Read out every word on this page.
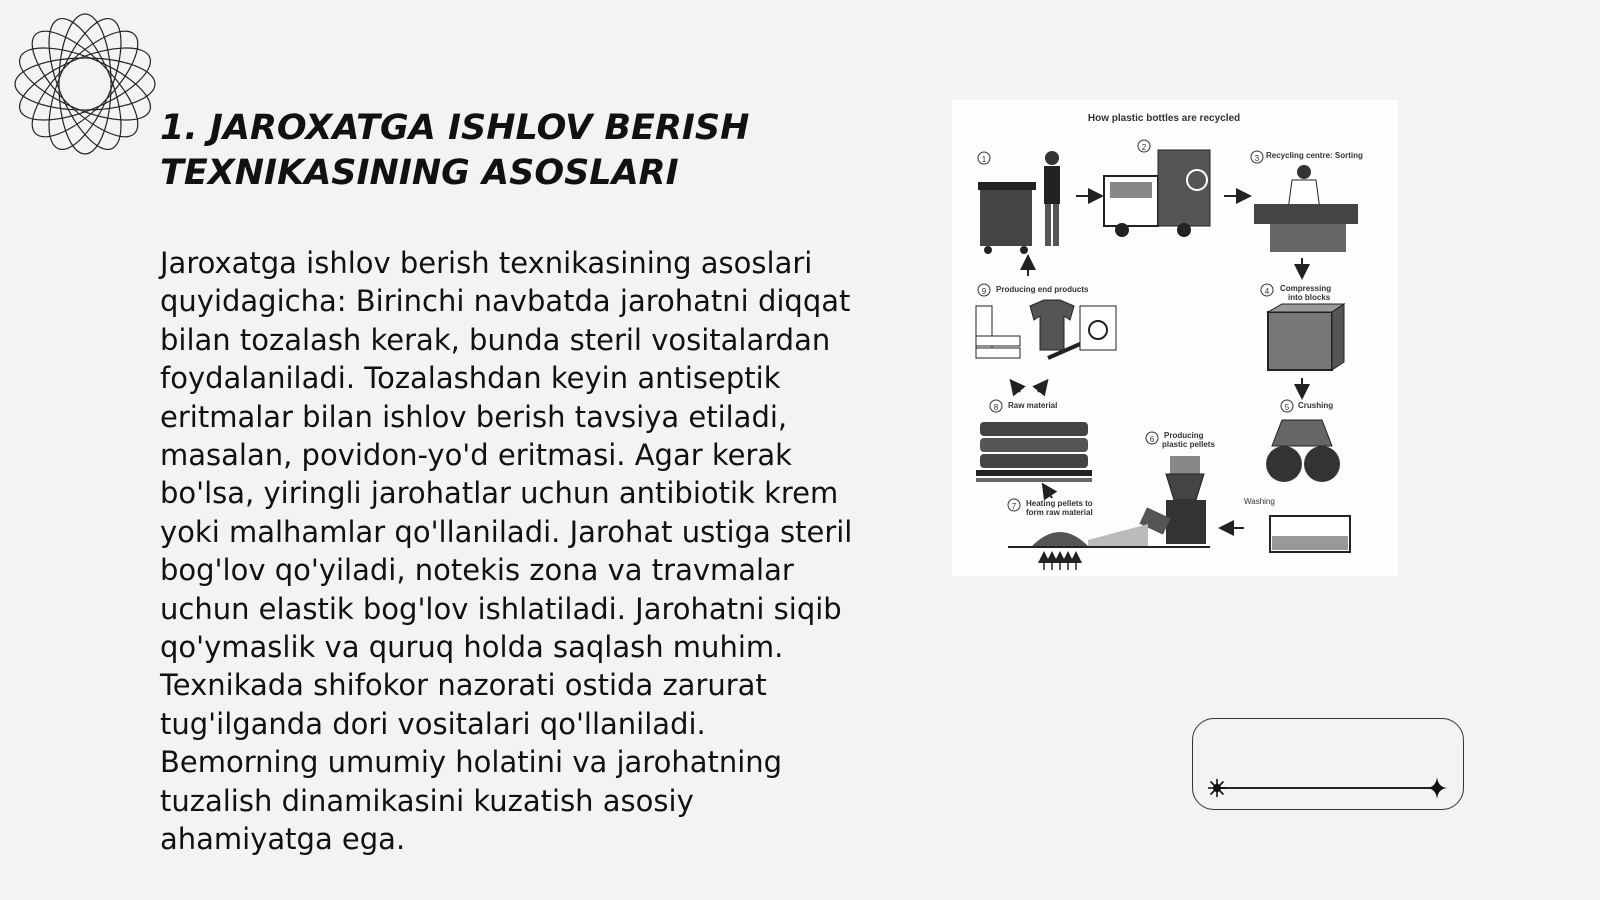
1. JAROXATGA ISHLOV BERISH
TEXNIKASINING ASOSLARI

Jaroxatga ishlov berish texnikasining asoslari quyidagicha: Birinchi navbatda jarohatni diqqat bilan tozalash kerak, bunda steril vositalardan foydalaniladi. Tozalashdan keyin antiseptik eritmalar bilan ishlov berish tavsiya etiladi, masalan, povidon-yo'd eritmasi. Agar kerak bo'lsa, yiringli jarohatlar uchun antibiotik krem yoki malhamlar qo'llaniladi. Jarohat ustiga steril bog'lov qo'yiladi, notekis zona va travmalar uchun elastik bog'lov ishlatiladi. Jarohatni siqib qo'ymaslik va quruq holda saqlash muhim. Texnikada shifokor nazorati ostida zarurat tug'ilganda dori vositalari qo'llaniladi. Bemorning umumiy holatini va jarohatning tuzalish dinamikasini kuzatish asosiy ahamiyatga ega.

How plastic bottles are recycled
1
2
3 Recycling centre: Sorting
9 Producing end products	4 Compressing
into blocks
8 Raw material	5 Crushing
Washing
6 Producing
plastic pellets
7 Heating pellets to
form raw material
